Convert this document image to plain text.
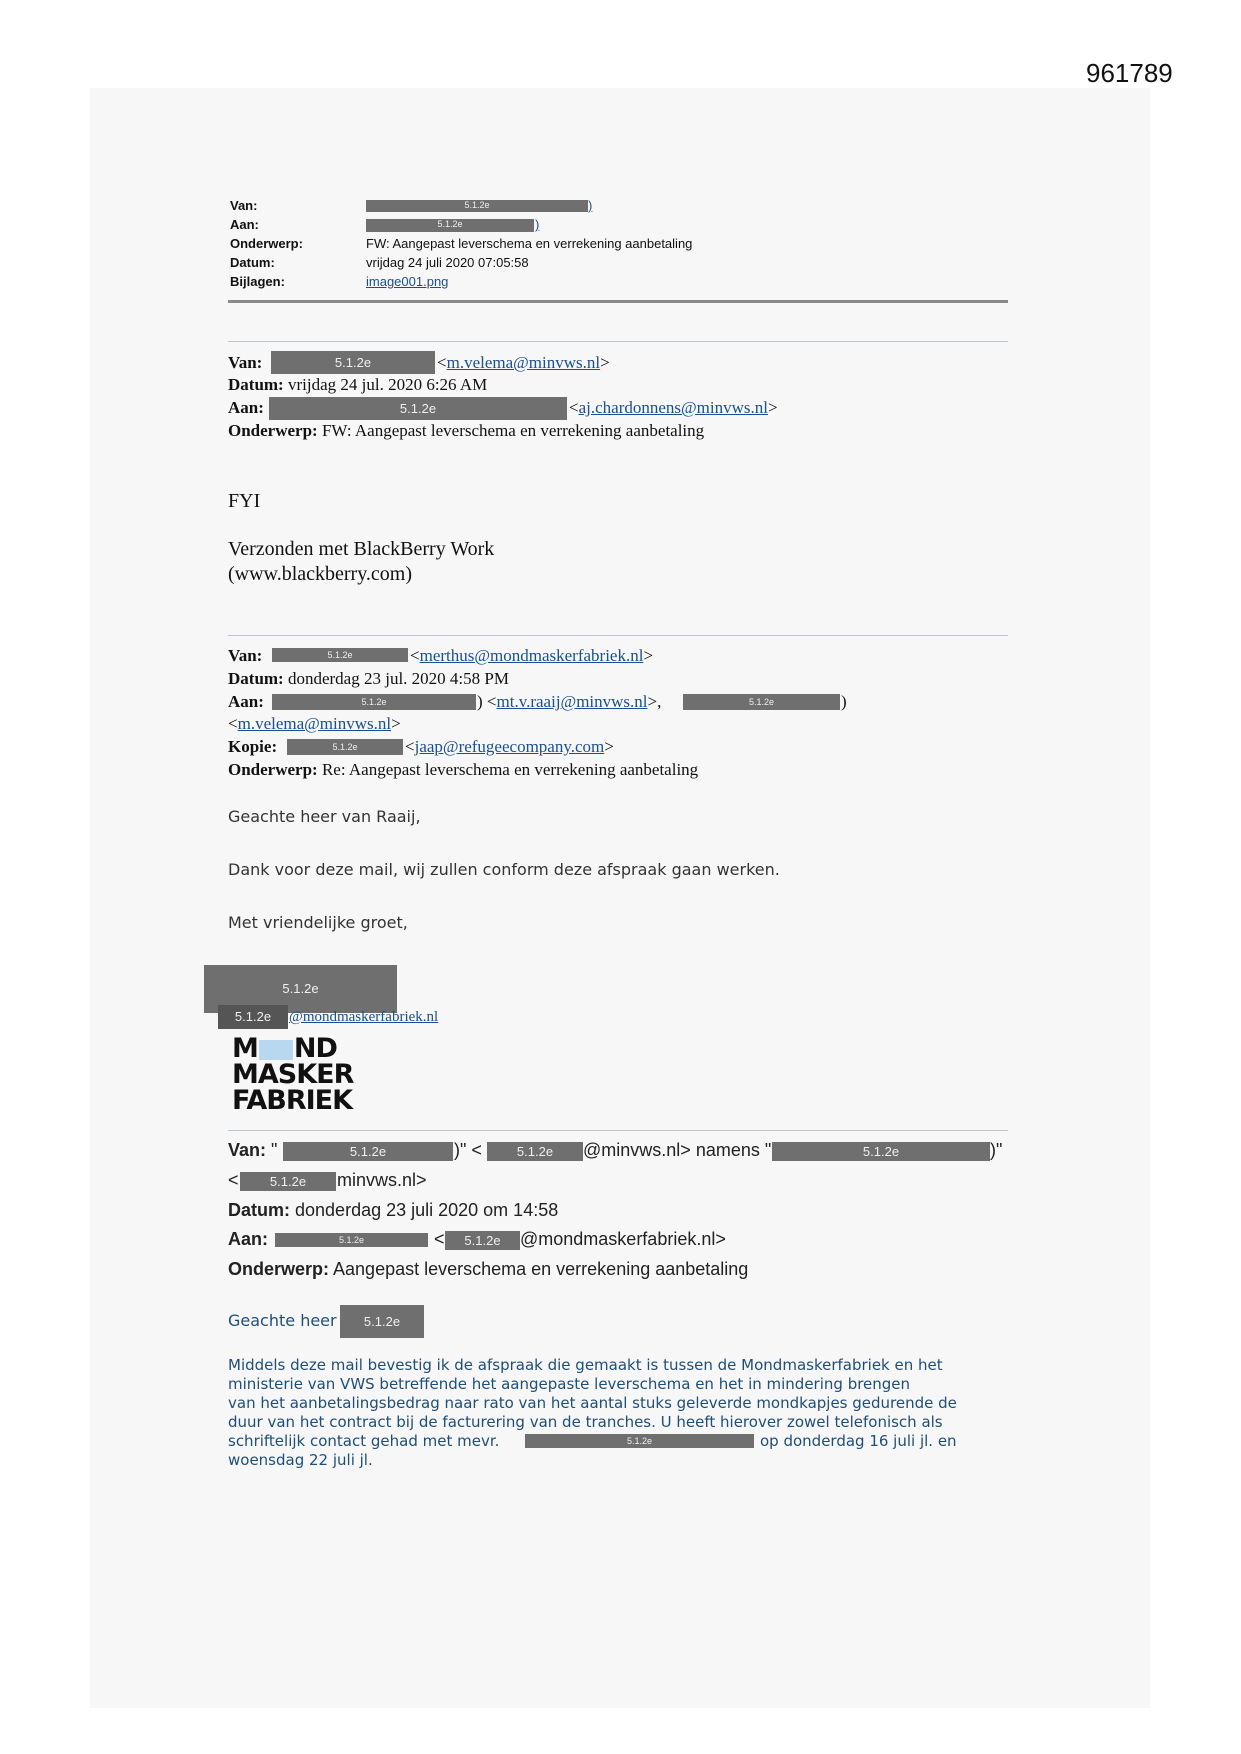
961789
Van:	5.1.2e	)
Aan:	5.1.2e	)
Onderwerp:	FW: Aangepast leverschema en verrekening aanbetaling
Datum:	vrijdag 24 juli 2020 07:05:58
Bijlagen:	image001.png
Van:	5.1.2e	<m.velema@minvws.nl>
Datum: vrijdag 24 jul. 2020 6:26 AM
Aan:	5.1.2e	<aj.chardonnens@minvws.nl>
Onderwerp: FW: Aangepast leverschema en verrekening aanbetaling
FYI
Verzonden met BlackBerry Work
(www.blackberry.com)
Van:	5.1.2e	<merthus@mondmaskerfabriek.nl>
Datum: donderdag 23 jul. 2020 4:58 PM
Aan:	5.1.2e	) <mt.v.raaij@minvws.nl>,	5.1.2e	)
<m.velema@minvws.nl>
Kopie:	5.1.2e	<jaap@refugeecompany.com>
Onderwerp: Re: Aangepast leverschema en verrekening aanbetaling
Geachte heer van Raaij,
Dank voor deze mail, wij zullen conform deze afspraak gaan werken.
Met vriendelijke groet,
5.1.2e
5.1.2e	@mondmaskerfabriek.nl
M ND
MASKER
FABRIEK
Van: "	5.1.2e	)" <	5.1.2e	@minvws.nl> namens "	5.1.2e	)"
<	5.1.2e	minvws.nl>
Datum: donderdag 23 juli 2020 om 14:58
Aan:	5.1.2e	<	5.1.2e	@mondmaskerfabriek.nl>
Onderwerp: Aangepast leverschema en verrekening aanbetaling
Geachte heer	5.1.2e
Middels deze mail bevestig ik de afspraak die gemaakt is tussen de Mondmaskerfabriek en het
ministerie van VWS betreffende het aangepaste leverschema en het in mindering brengen
van het aanbetalingsbedrag naar rato van het aantal stuks geleverde mondkapjes gedurende de
duur van het contract bij de facturering van de tranches. U heeft hierover zowel telefonisch als
schriftelijk contact gehad met mevr.	5.1.2e	op donderdag 16 juli jl. en
woensdag 22 juli jl.
